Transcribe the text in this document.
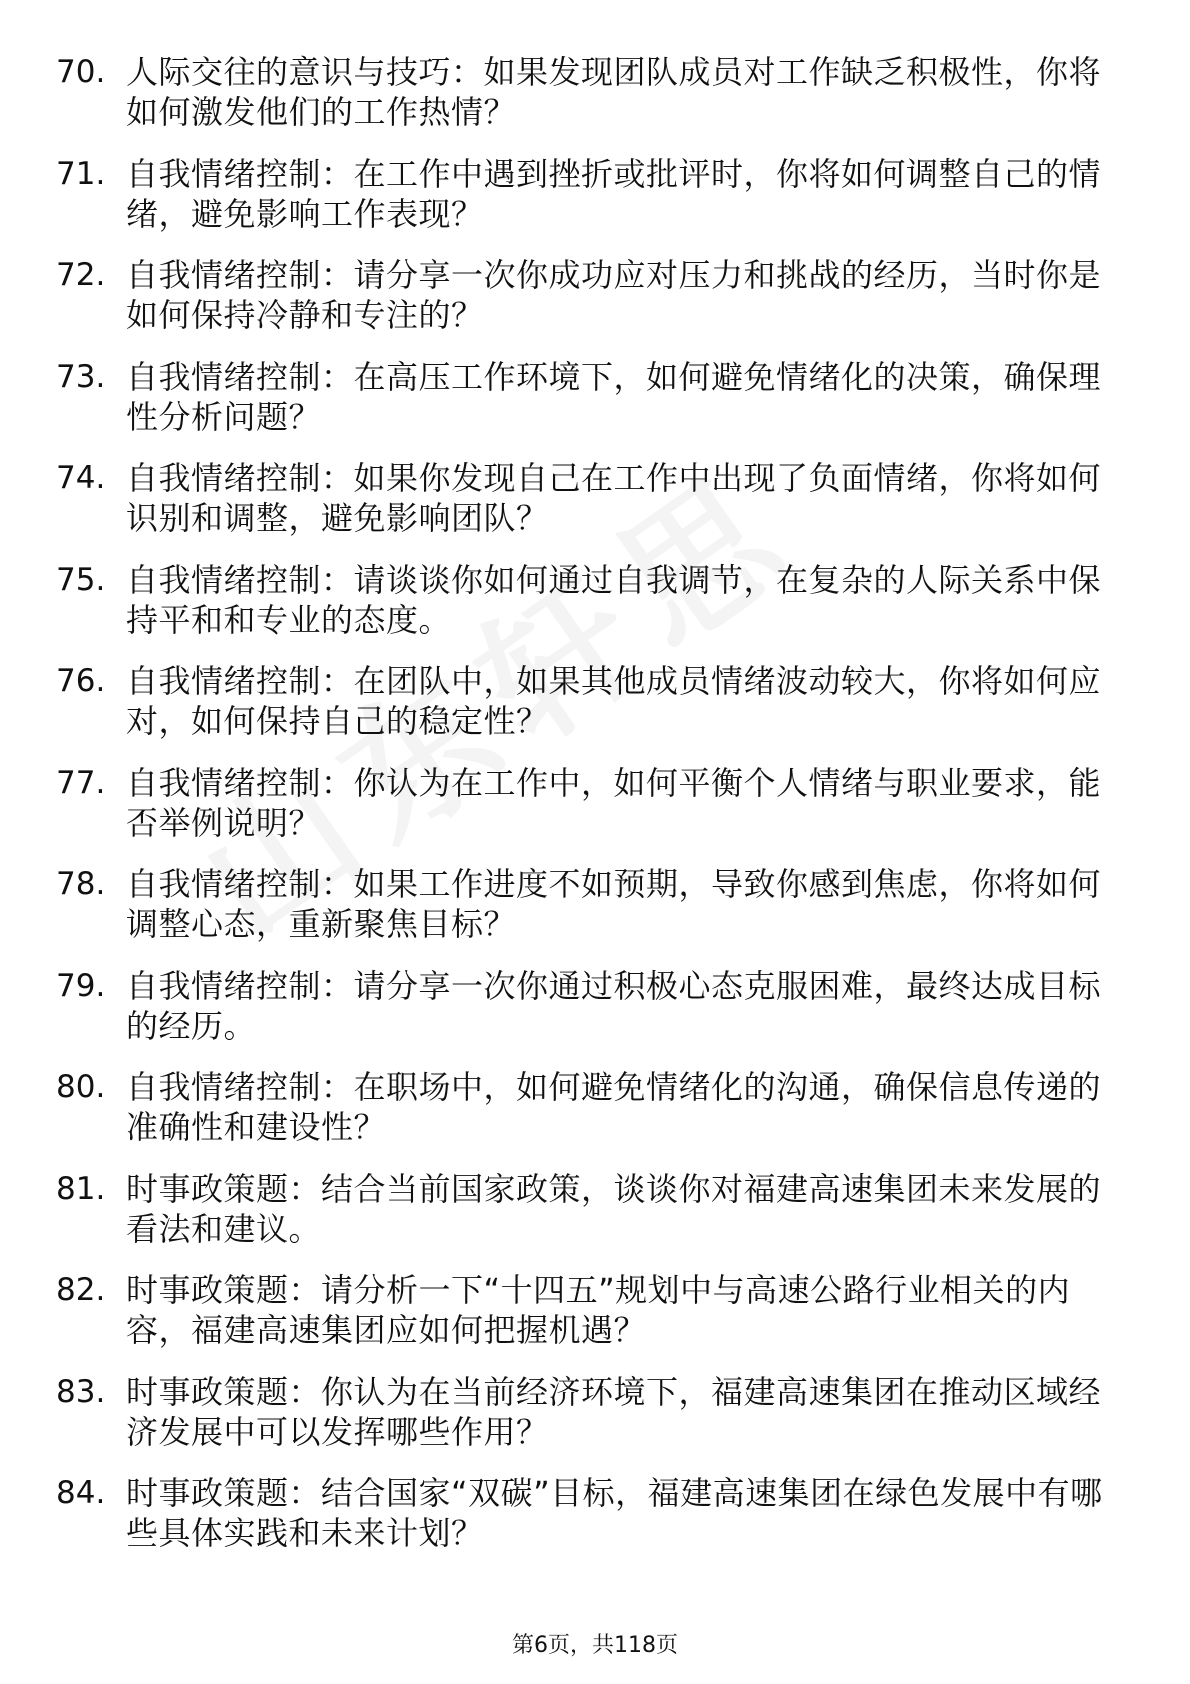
70. 人际交往的意识与技巧：如果发现团队成员对工作缺乏积极性，你将如何激发他们的工作热情？
71. 自我情绪控制：在工作中遇到挫折或批评时，你将如何调整自己的情绪，避免影响工作表现？
72. 自我情绪控制：请分享一次你成功应对压力和挑战的经历，当时你是如何保持冷静和专注的？
73. 自我情绪控制：在高压工作环境下，如何避免情绪化的决策，确保理性分析问题？
74. 自我情绪控制：如果你发现自己在工作中出现了负面情绪，你将如何识别和调整，避免影响团队？
75. 自我情绪控制：请谈谈你如何通过自我调节，在复杂的人际关系中保持平和和专业的态度。
76. 自我情绪控制：在团队中，如果其他成员情绪波动较大，你将如何应对，如何保持自己的稳定性？
77. 自我情绪控制：你认为在工作中，如何平衡个人情绪与职业要求，能否举例说明？
78. 自我情绪控制：如果工作进度不如预期，导致你感到焦虑，你将如何调整心态，重新聚焦目标？
79. 自我情绪控制：请分享一次你通过积极心态克服困难，最终达成目标的经历。
80. 自我情绪控制：在职场中，如何避免情绪化的沟通，确保信息传递的准确性和建设性？
81. 时事政策题：结合当前国家政策，谈谈你对福建高速集团未来发展的看法和建议。
82. 时事政策题：请分析一下“十四五”规划中与高速公路行业相关的内容，福建高速集团应如何把握机遇？
83. 时事政策题：你认为在当前经济环境下，福建高速集团在推动区域经济发展中可以发挥哪些作用？
84. 时事政策题：结合国家“双碳”目标，福建高速集团在绿色发展中有哪些具体实践和未来计划？
第6页，共118页
